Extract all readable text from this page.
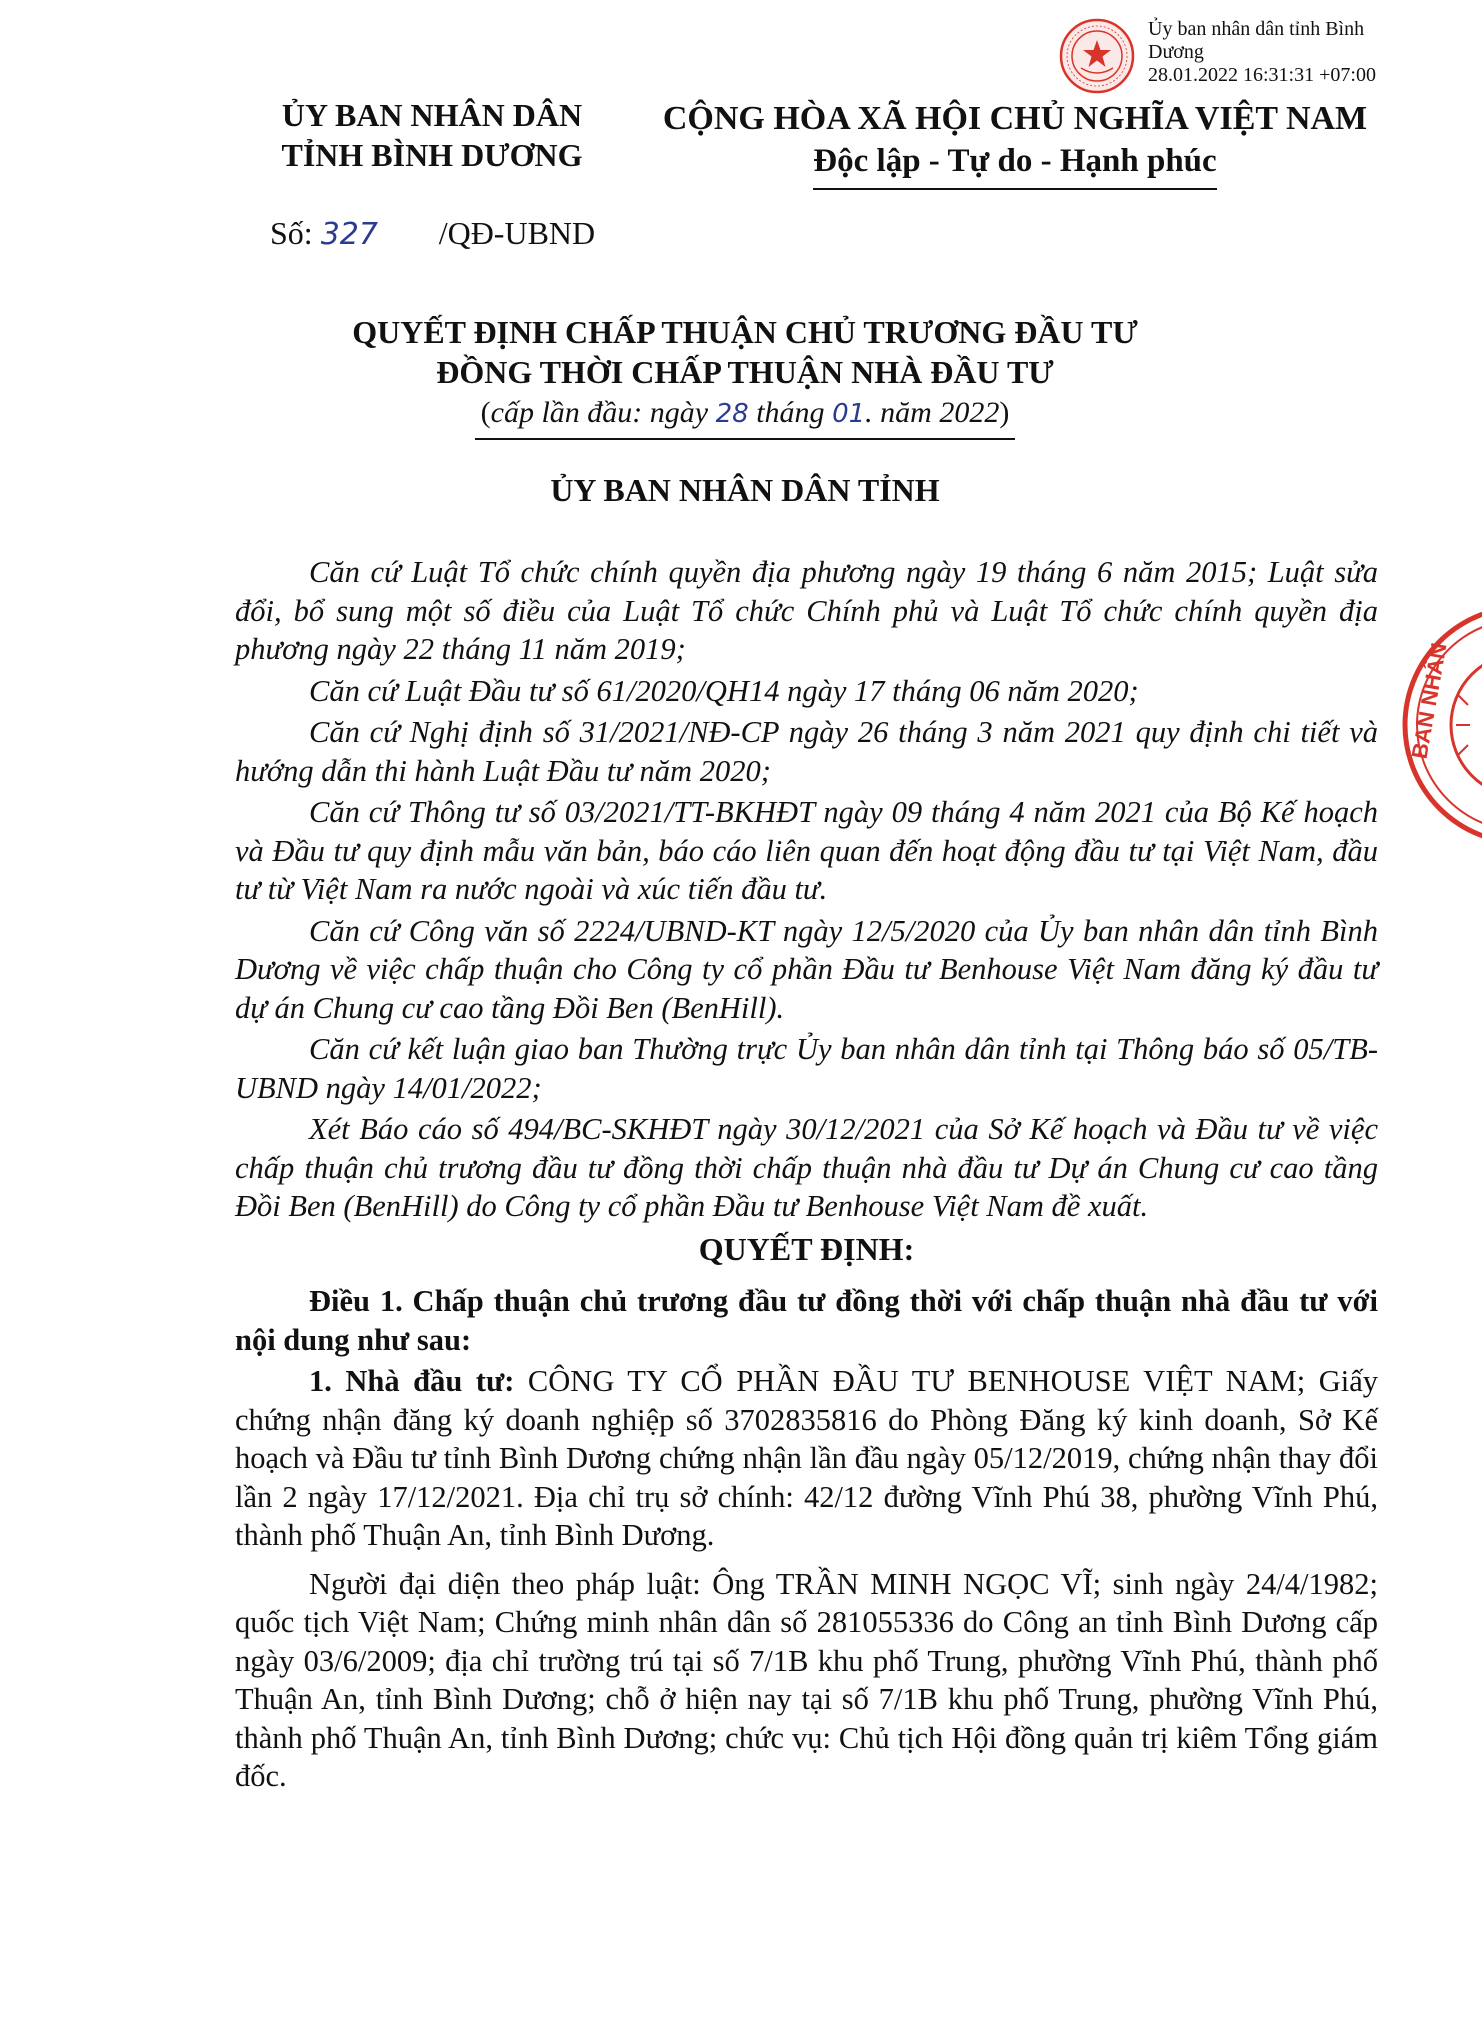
Ủy ban nhân dân tỉnh Bình
Dương
28.01.2022 16:31:31 +07:00
BAN NHÂN
ỦY BAN NHÂN DÂN
TỈNH BÌNH DƯƠNG
Số: 327 /QĐ-UBND
CỘNG HÒA XÃ HỘI CHỦ NGHĨA VIỆT NAM
Độc lập - Tự do - Hạnh phúc
QUYẾT ĐỊNH CHẤP THUẬN CHỦ TRƯƠNG ĐẦU TƯ
ĐỒNG THỜI CHẤP THUẬN NHÀ ĐẦU TƯ
(cấp lần đầu: ngày 28 tháng 01. năm 2022)
ỦY BAN NHÂN DÂN TỈNH

Căn cứ Luật Tổ chức chính quyền địa phương ngày 19 tháng 6 năm 2015; Luật sửa đổi, bổ sung một số điều của Luật Tổ chức Chính phủ và Luật Tổ chức chính quyền địa phương ngày 22 tháng 11 năm 2019;

Căn cứ Luật Đầu tư số 61/2020/QH14 ngày 17 tháng 06 năm 2020;

Căn cứ Nghị định số 31/2021/NĐ-CP ngày 26 tháng 3 năm 2021 quy định chi tiết và hướng dẫn thi hành Luật Đầu tư năm 2020;

Căn cứ Thông tư số 03/2021/TT-BKHĐT ngày 09 tháng 4 năm 2021 của Bộ Kế hoạch và Đầu tư quy định mẫu văn bản, báo cáo liên quan đến hoạt động đầu tư tại Việt Nam, đầu tư từ Việt Nam ra nước ngoài và xúc tiến đầu tư.

Căn cứ Công văn số 2224/UBND-KT ngày 12/5/2020 của Ủy ban nhân dân tỉnh Bình Dương về việc chấp thuận cho Công ty cổ phần Đầu tư Benhouse Việt Nam đăng ký đầu tư dự án Chung cư cao tầng Đồi Ben (BenHill).

Căn cứ kết luận giao ban Thường trực Ủy ban nhân dân tỉnh tại Thông báo số 05/TB-UBND ngày 14/01/2022;

Xét Báo cáo số 494/BC-SKHĐT ngày 30/12/2021 của Sở Kế hoạch và Đầu tư về việc chấp thuận chủ trương đầu tư đồng thời chấp thuận nhà đầu tư Dự án Chung cư cao tầng Đồi Ben (BenHill) do Công ty cổ phần Đầu tư Benhouse Việt Nam đề xuất.

QUYẾT ĐỊNH:

Điều 1. Chấp thuận chủ trương đầu tư đồng thời với chấp thuận nhà đầu tư với nội dung như sau:

1. Nhà đầu tư: CÔNG TY CỔ PHẦN ĐẦU TƯ BENHOUSE VIỆT NAM; Giấy chứng nhận đăng ký doanh nghiệp số 3702835816 do Phòng Đăng ký kinh doanh, Sở Kế hoạch và Đầu tư tỉnh Bình Dương chứng nhận lần đầu ngày 05/12/2019, chứng nhận thay đổi lần 2 ngày 17/12/2021. Địa chỉ trụ sở chính: 42/12 đường Vĩnh Phú 38, phường Vĩnh Phú, thành phố Thuận An, tỉnh Bình Dương.

Người đại diện theo pháp luật: Ông TRẦN MINH NGỌC VĨ; sinh ngày 24/4/1982; quốc tịch Việt Nam; Chứng minh nhân dân số 281055336 do Công an tỉnh Bình Dương cấp ngày 03/6/2009; địa chỉ trường trú tại số 7/1B khu phố Trung, phường Vĩnh Phú, thành phố Thuận An, tỉnh Bình Dương; chỗ ở hiện nay tại số 7/1B khu phố Trung, phường Vĩnh Phú, thành phố Thuận An, tỉnh Bình Dương; chức vụ: Chủ tịch Hội đồng quản trị kiêm Tổng giám đốc.
